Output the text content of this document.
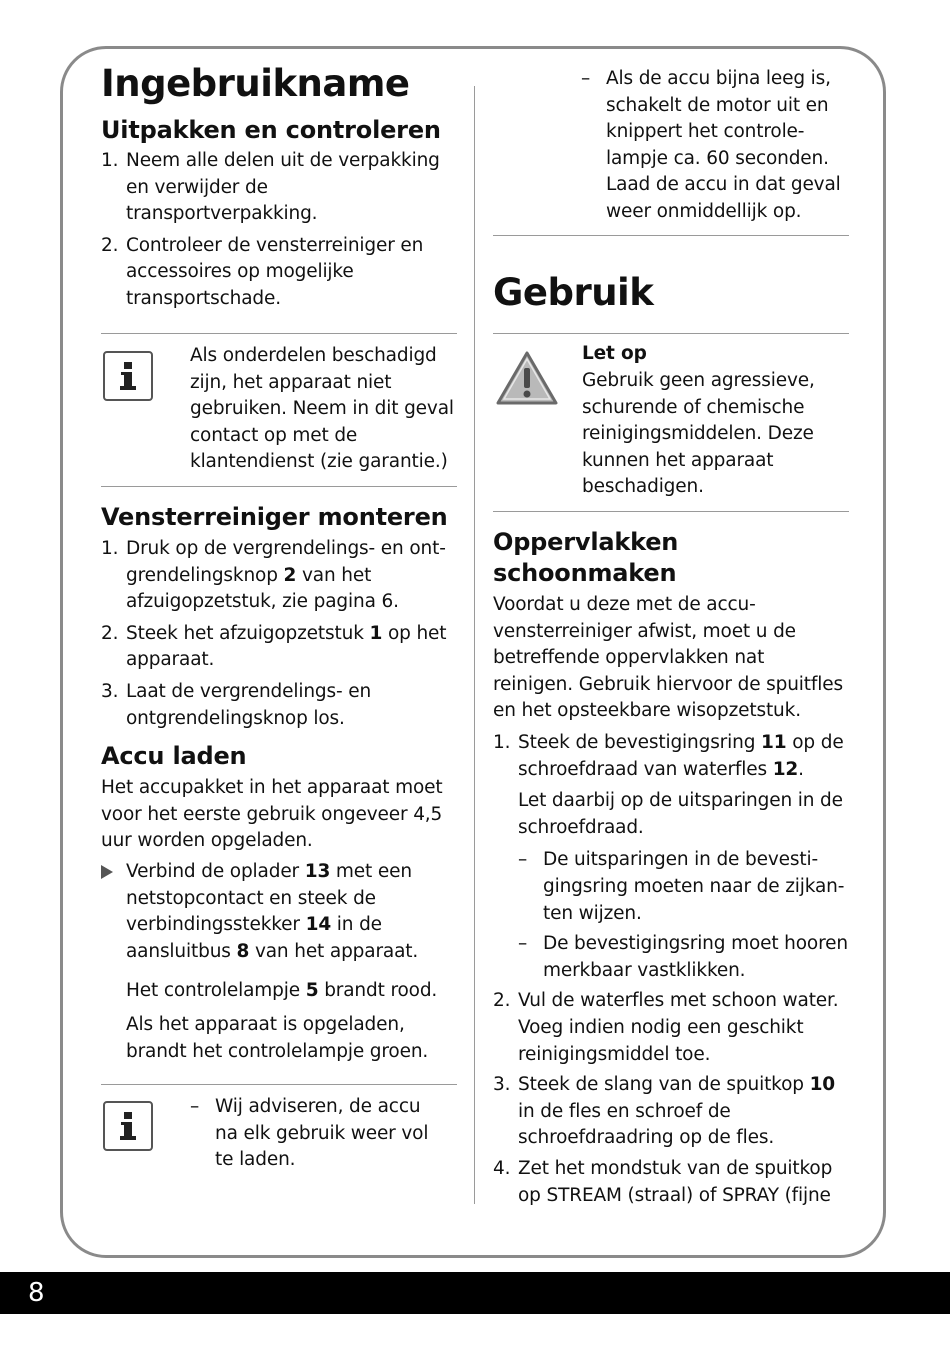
Ingebruikname
Uitpakken en controleren
1. Neem alle delen uit de verpakking en verwijder de transportverpakking.
2. Controleer de vensterreiniger en accessoires op mogelijke transportschade.
Als onderdelen beschadigd zijn, het apparaat niet gebruiken. Neem in dit geval contact op met de klantendienst (zie garantie.)
Vensterreiniger monteren
1. Druk op de vergrendelings- en ontgrendelingsknop 2 van het afzuigopzetstuk, zie pagina 6.
2. Steek het afzuigopzetstuk 1 op het apparaat.
3. Laat de vergrendelings- en ontgrendelingsknop los.
Accu laden
Het accupakket in het apparaat moet voor het eerste gebruik ongeveer 4,5 uur worden opgeladen.
Verbind de oplader 13 met een netstopcontact en steek de verbindingsstekker 14 in de aansluitbus 8 van het apparaat.
Het controlelampje 5 brandt rood.
Als het apparaat is opgeladen, brandt het controlelampje groen.
– Wij adviseren, de accu na elk gebruik weer vol te laden.
– Als de accu bijna leeg is, schakelt de motor uit en knippert het controlelampje ca. 60 seconden. Laad de accu in dat geval weer onmiddellijk op.
Gebruik
Let op
Gebruik geen agressieve, schurende of chemische reinigingsmiddelen. Deze kunnen het apparaat beschadigen.
Oppervlakken schoonmaken
Voordat u deze met de accu-vensterreiniger afwist, moet u de betreffende oppervlakken nat reinigen. Gebruik hiervoor de spuitfles en het opsteekbare wisopzetstuk.
1. Steek de bevestigingsring 11 op de schroefdraad van waterfles 12.
Let daarbij op de uitsparingen in de schroefdraad.
– De uitsparingen in de bevestigingsring moeten naar de zijkanten wijzen.
– De bevestigingsring moet hooren merkbaar vastklikken.
2. Vul de waterfles met schoon water. Voeg indien nodig een geschikt reinigingsmiddel toe.
3. Steek de slang van de spuitkop 10 in de fles en schroef de schroefdraadring op de fles.
4. Zet het mondstuk van de spuitkop op STREAM (straal) of SPRAY (fijne
8
